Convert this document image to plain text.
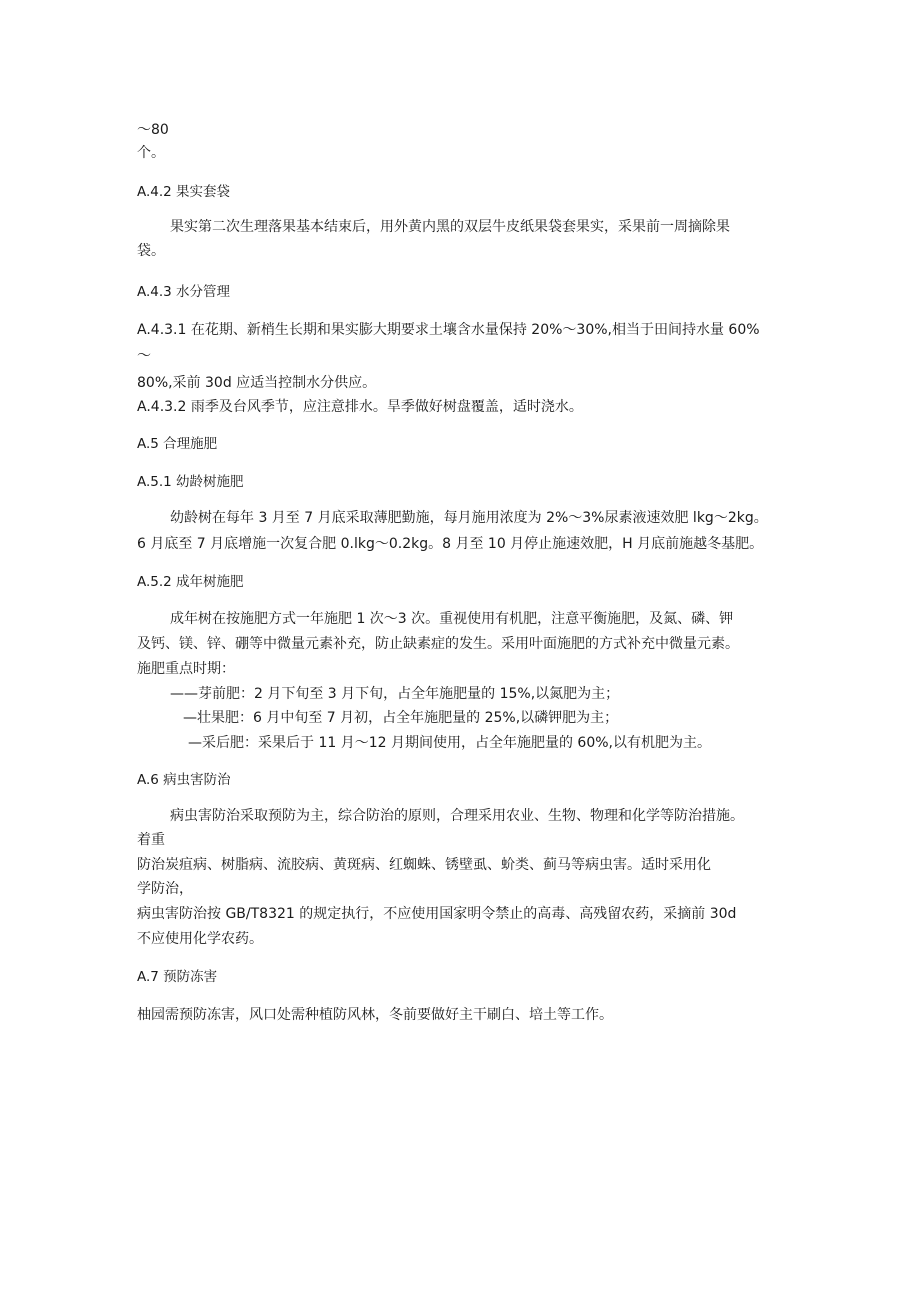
～80
个。
A.4.2 果实套袋
果实第二次生理落果基本结束后，用外黄内黑的双层牛皮纸果袋套果实，采果前一周摘除果
袋。
A.4.3 水分管理
A.4.3.1 在花期、新梢生长期和果实膨大期要求土壤含水量保持 20%〜30%,相当于田间持水量 60%
〜
80%,采前 30d 应适当控制水分供应。
A.4.3.2 雨季及台风季节，应注意排水。旱季做好树盘覆盖，适时浇水。
A.5 合理施肥
A.5.1 幼龄树施肥
幼龄树在每年 3 月至 7 月底采取薄肥勤施，每月施用浓度为 2%〜3%尿素液速效肥 lkg〜2kg。
6 月底至 7 月底增施一次复合肥 0.lkg〜0.2kg。8 月至 10 月停止施速效肥，H 月底前施越冬基肥。
A.5.2 成年树施肥
成年树在按施肥方式一年施肥 1 次～3 次。重视使用有机肥，注意平衡施肥，及氮、磷、钾
及钙、镁、锌、硼等中微量元素补充，防止缺素症的发生。采用叶面施肥的方式补充中微量元素。
施肥重点时期：
——芽前肥：2 月下旬至 3 月下旬，占全年施肥量的 15%,以氮肥为主；
—壮果肥：6 月中旬至 7 月初，占全年施肥量的 25%,以磷钾肥为主；
—采后肥：采果后于 11 月～12 月期间使用，占全年施肥量的 60%,以有机肥为主。
A.6 病虫害防治
病虫害防治采取预防为主，综合防治的原则，合理采用农业、生物、物理和化学等防治措施。
着重
防治炭疽病、树脂病、流胶病、黄斑病、红蜘蛛、锈壁虱、蚧类、蓟马等病虫害。适时采用化
学防治，
病虫害防治按 GB/T8321 的规定执行，不应使用国家明令禁止的高毒、高残留农药，采摘前 30d
不应使用化学农药。
A.7 预防冻害
柚园需预防冻害，风口处需种植防风林，冬前要做好主干刷白、培土等工作。
